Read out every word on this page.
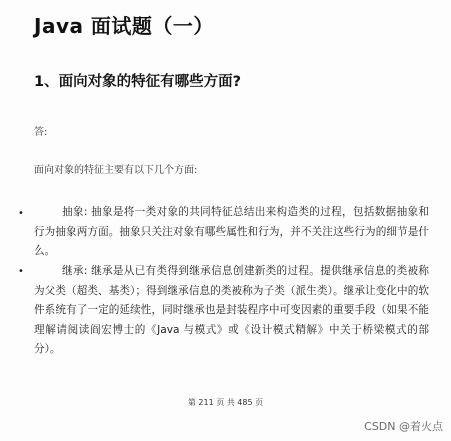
Java 面试题（一）
1、面向对象的特征有哪些方面?
答:
面向对象的特征主要有以下几个方面:
•	抽象: 抽象是将一类对象的共同特征总结出来构造类的过程，包括数据抽象和行为抽象两方面。抽象只关注对象有哪些属性和行为，并不关注这些行为的细节是什么。
•	继承: 继承是从已有类得到继承信息创建新类的过程。提供继承信息的类被称为父类（超类、基类）；得到继承信息的类被称为子类（派生类）。继承让变化中的软件系统有了一定的延续性，同时继承也是封装程序中可变因素的重要手段（如果不能理解请阅读阎宏博士的《Java 与模式》或《设计模式精解》中关于桥梁模式的部分）。
第 211 页 共 485 页
CSDN @着火点
